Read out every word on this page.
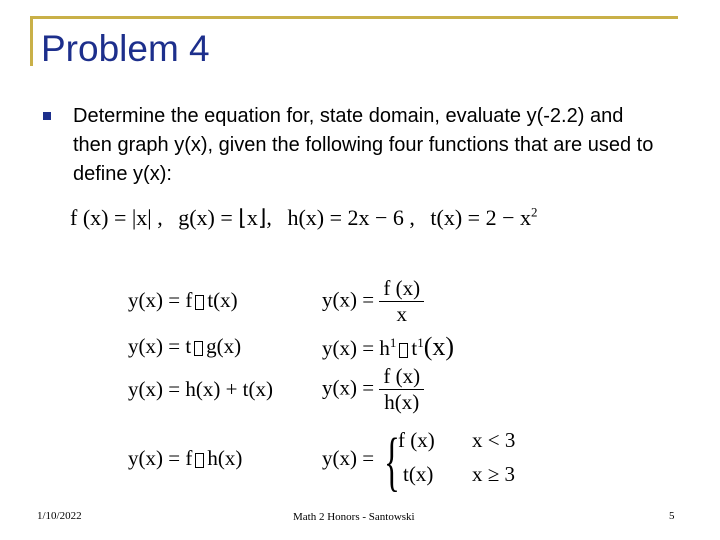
Problem 4
Determine the equation for, state domain, evaluate y(-2.2) and then graph y(x), given the following four functions that are used to define y(x):
f (x) = |x| , g(x) = ⌊x⌋, h(x) = 2x − 6 , $t(x) = 2 - x^2$
y(x) = f t(x)
y(x) = t g(x)
y(x) = h(x) + t(x)
y(x) = f h(x)
$y(x) = \frac{f (x)}{x}$
$y(x) = h^1$ $t^1(x)$
$y(x) = \frac{f (x)}{h(x)}$
y(x) = {
f (x) x < 3
t(x) x ≥ 3
1/10/2022	Math 2 Honors - Santowski	5
